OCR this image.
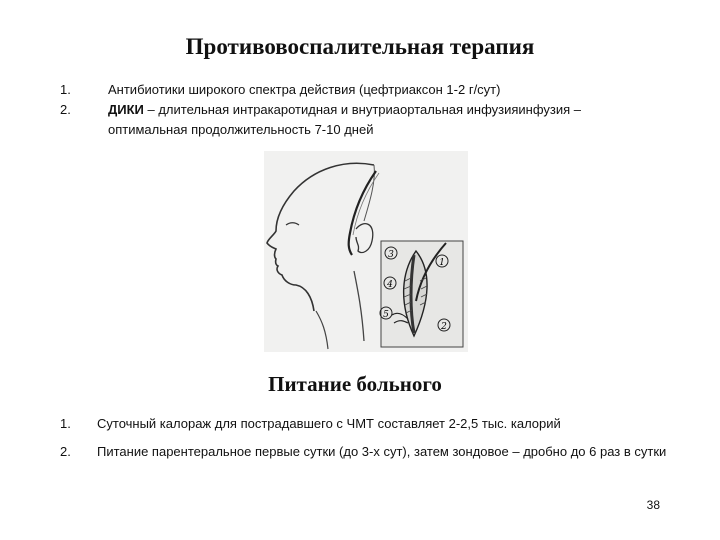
Противовоспалительная терапия
1.	Антибиотики широкого спектра действия (цефтриаксон 1-2 г/сут)
2.	ДИКИ – длительная интракаротидная и внутриаортальная инфузияинфузия – оптимальная продолжительность 7-10 дней
3
1
4
5
2
Питание больного
1. Суточный калораж для пострадавшего с ЧМТ составляет 2-2,5 тыс. калорий
2. Питание парентеральное первые сутки (до 3-х сут), затем зондовое – дробно до 6 раз в сутки
38
